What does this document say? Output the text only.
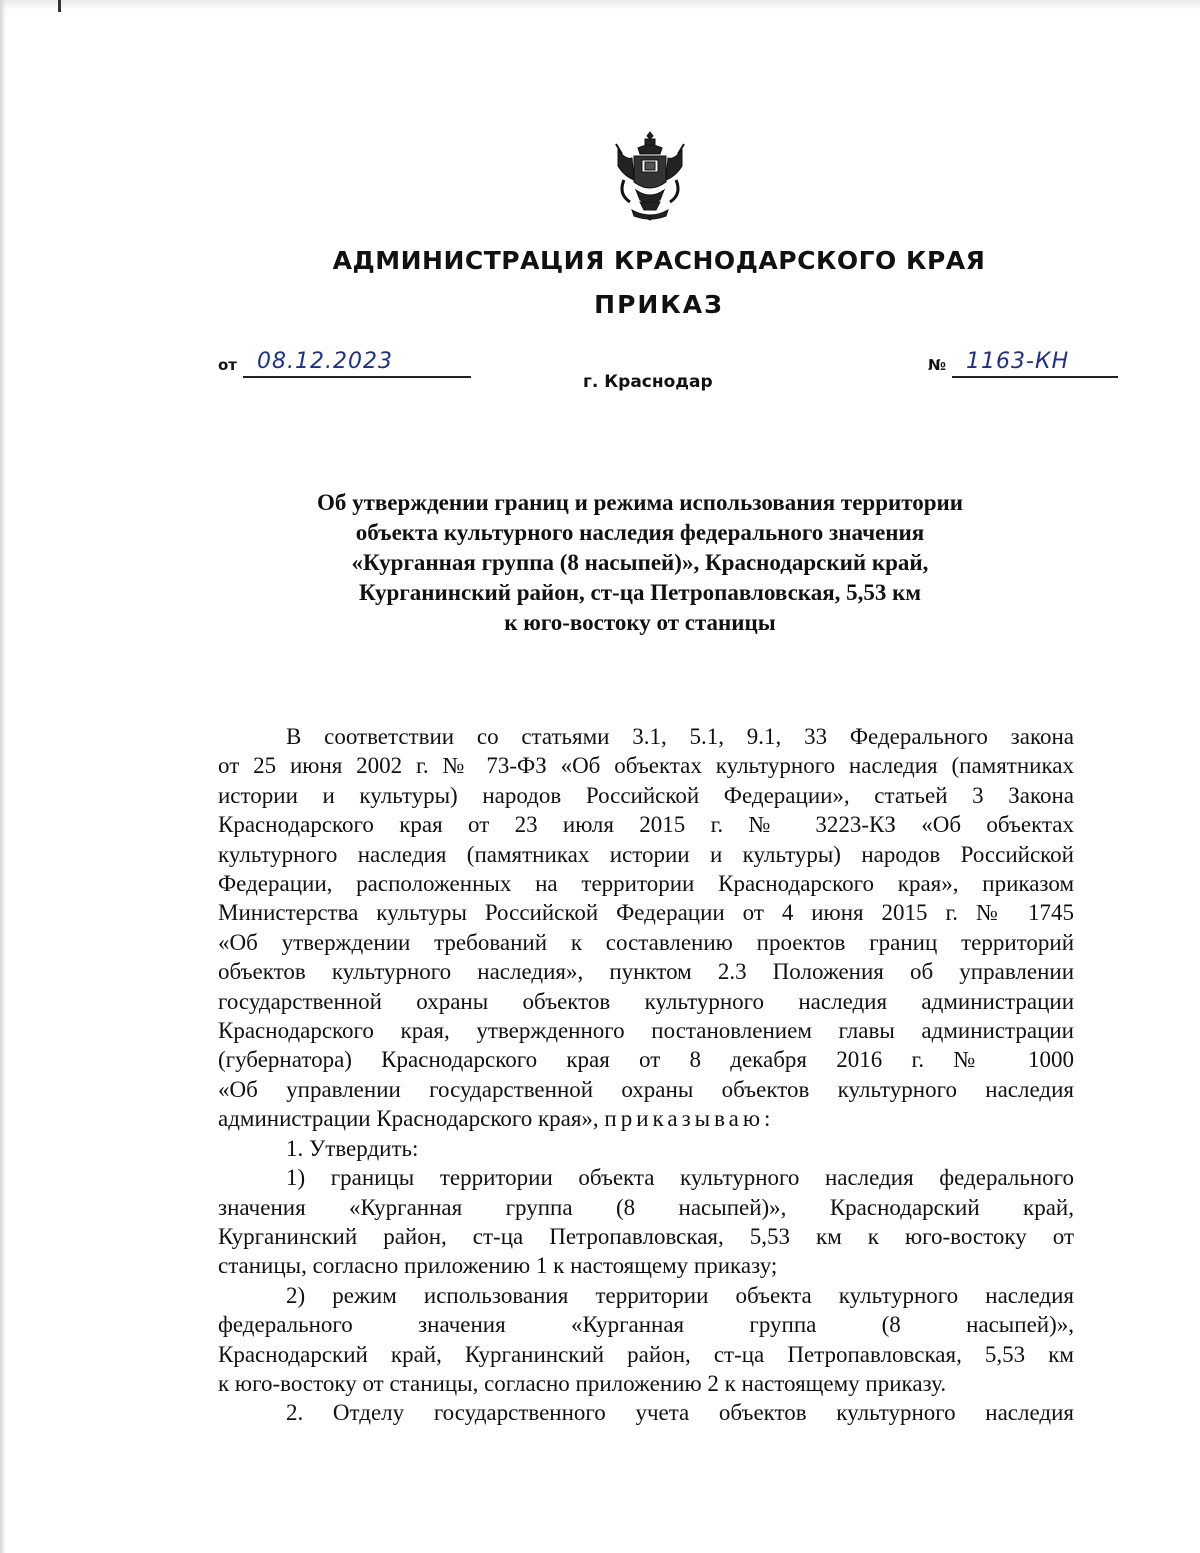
АДМИНИСТРАЦИЯ КРАСНОДАРСКОГО КРАЯ
ПРИКАЗ
от 08.12.2023	№ 1163-КН
г. Краснодар
Об утверждении границ и режима использования территории
объекта культурного наследия федерального значения
«Курганная группа (8 насыпей)», Краснодарский край,
Курганинский район, ст-ца Петропавловская, 5,53 км
к юго-востоку от станицы

В соответствии со статьями 3.1, 5.1, 9.1, 33 Федерального закона
от 25 июня 2002 г. № 73-ФЗ «Об объектах культурного наследия (памятниках
истории и культуры) народов Российской Федерации», статьей 3 Закона
Краснодарского края от 23 июля 2015 г. № 3223-КЗ «Об объектах
культурного наследия (памятниках истории и культуры) народов Российской
Федерации, расположенных на территории Краснодарского края», приказом
Министерства культуры Российской Федерации от 4 июня 2015 г. № 1745
«Об утверждении требований к составлению проектов границ территорий
объектов культурного наследия», пунктом 2.3 Положения об управлении
государственной охраны объектов культурного наследия администрации
Краснодарского края, утвержденного постановлением главы администрации
(губернатора) Краснодарского края от 8 декабря 2016 г. № 1000
«Об управлении государственной охраны объектов культурного наследия
администрации Краснодарского края», приказываю:

1. Утвердить:

1) границы территории объекта культурного наследия федерального
значения «Курганная группа (8 насыпей)», Краснодарский край,
Курганинский район, ст-ца Петропавловская, 5,53 км к юго-востоку от
станицы, согласно приложению 1 к настоящему приказу;

2) режим использования территории объекта культурного наследия
федерального значения «Курганная группа (8 насыпей)»,
Краснодарский край, Курганинский район, ст-ца Петропавловская, 5,53 км
к юго-востоку от станицы, согласно приложению 2 к настоящему приказу.

2. Отделу государственного учета объектов культурного наследия
